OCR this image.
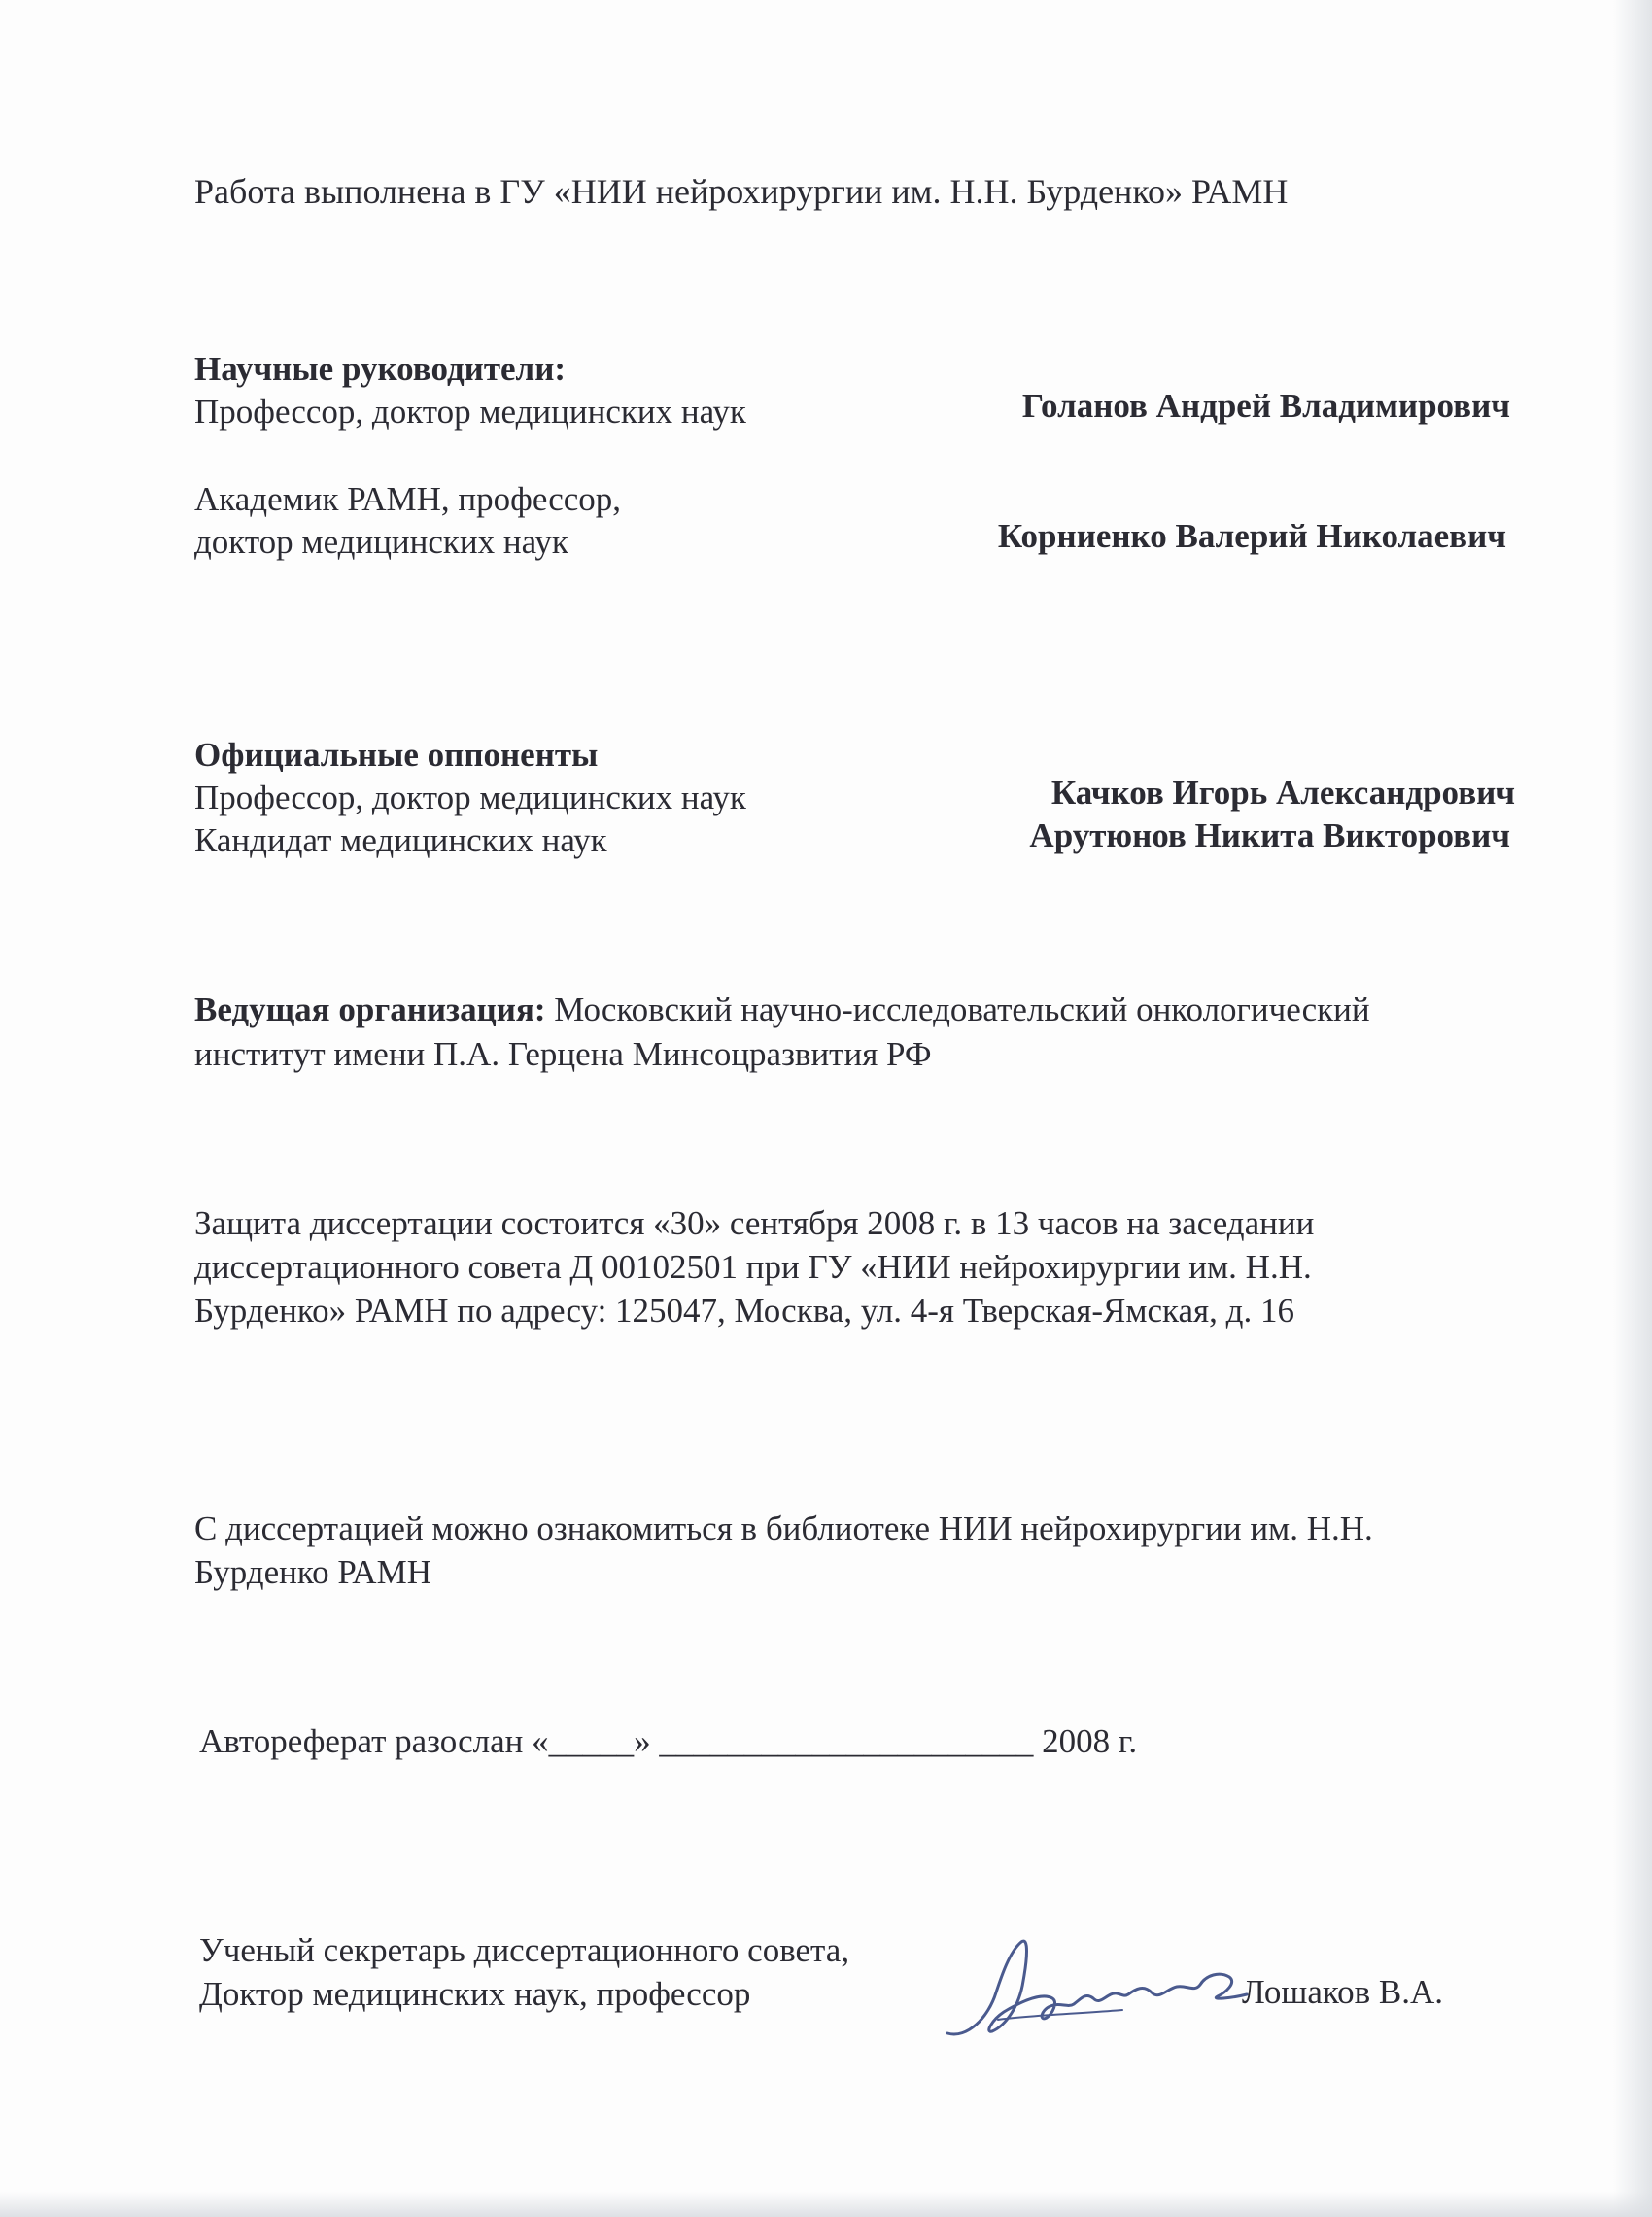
Работа выполнена в ГУ «НИИ нейрохирургии им. Н.Н. Бурденко» РАМН
Научные руководители:
Профессор, доктор медицинских наук	Голанов Андрей Владимирович
Академик РАМН, профессор,
доктор медицинских наук	Корниенко Валерий Николаевич
Официальные оппоненты
Профессор, доктор медицинских наук	Качков Игорь Александрович
Кандидат медицинских наук	Арутюнов Никита Викторович
Ведущая организация: Московский научно-исследовательский онкологический
институт имени П.А. Герцена Минсоцразвития РФ
Защита диссертации состоится «30» сентября 2008 г. в 13 часов на заседании
диссертационного совета Д 00102501 при ГУ «НИИ нейрохирургии им. Н.Н.
Бурденко» РАМН по адресу: 125047, Москва, ул. 4-я Тверская-Ямская, д. 16
С диссертацией можно ознакомиться в библиотеке НИИ нейрохирургии им. Н.Н.
Бурденко РАМН
Автореферат разослан «_____» ______________________ 2008 г.
Ученый секретарь диссертационного совета,
Доктор медицинских наук, профессор	Лошаков В.А.
